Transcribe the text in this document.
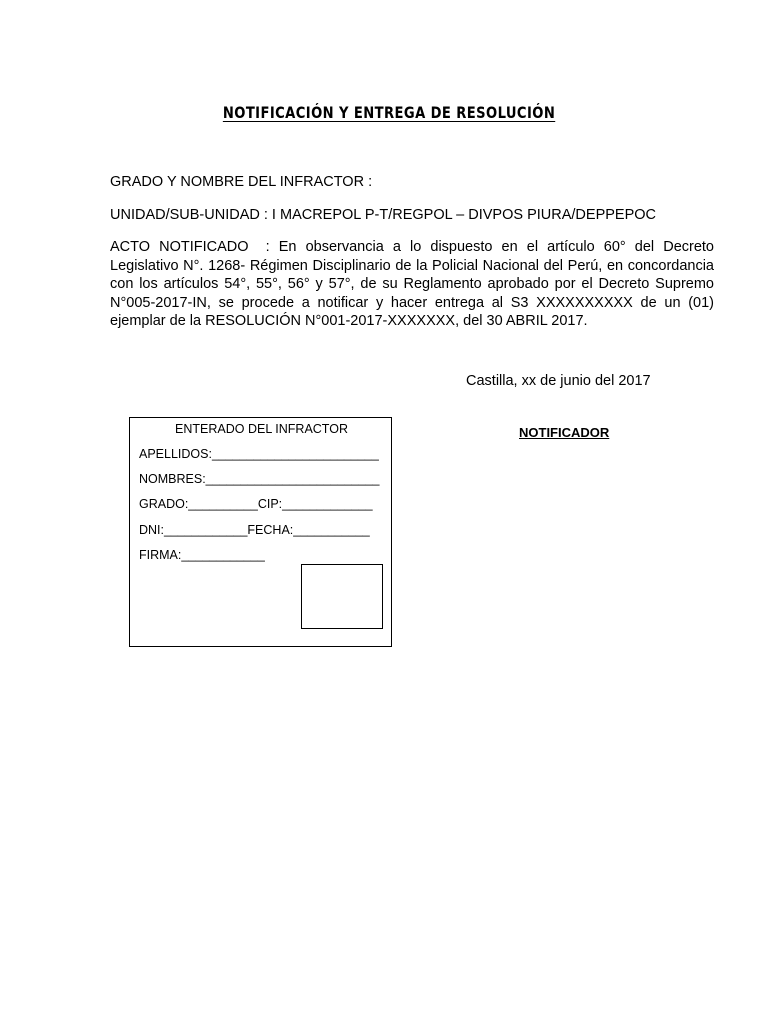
NOTIFICACIÓN Y ENTREGA DE RESOLUCIÓN
GRADO Y NOMBRE DEL INFRACTOR :
UNIDAD/SUB-UNIDAD : I MACREPOL P-T/REGPOL – DIVPOS PIURA/DEPPEPOC
ACTO NOTIFICADO : En observancia a lo dispuesto en el artículo 60° del Decreto Legislativo N°. 1268- Régimen Disciplinario de la Policial Nacional del Perú, en concordancia con los artículos 54°, 55°, 56° y 57°, de su Reglamento aprobado por el Decreto Supremo N°005-2017-IN, se procede a notificar y hacer entrega al S3 XXXXXXXXXX de un (01) ejemplar de la RESOLUCIÓN N°001-2017-XXXXXXX, del 30 ABRIL 2017.
Castilla, xx de junio del 2017
NOTIFICADOR
ENTERADO DEL INFRACTOR
APELLIDOS:________________________
NOMBRES:_________________________
GRADO:__________CIP:_____________
DNI:____________FECHA:___________
FIRMA:____________
